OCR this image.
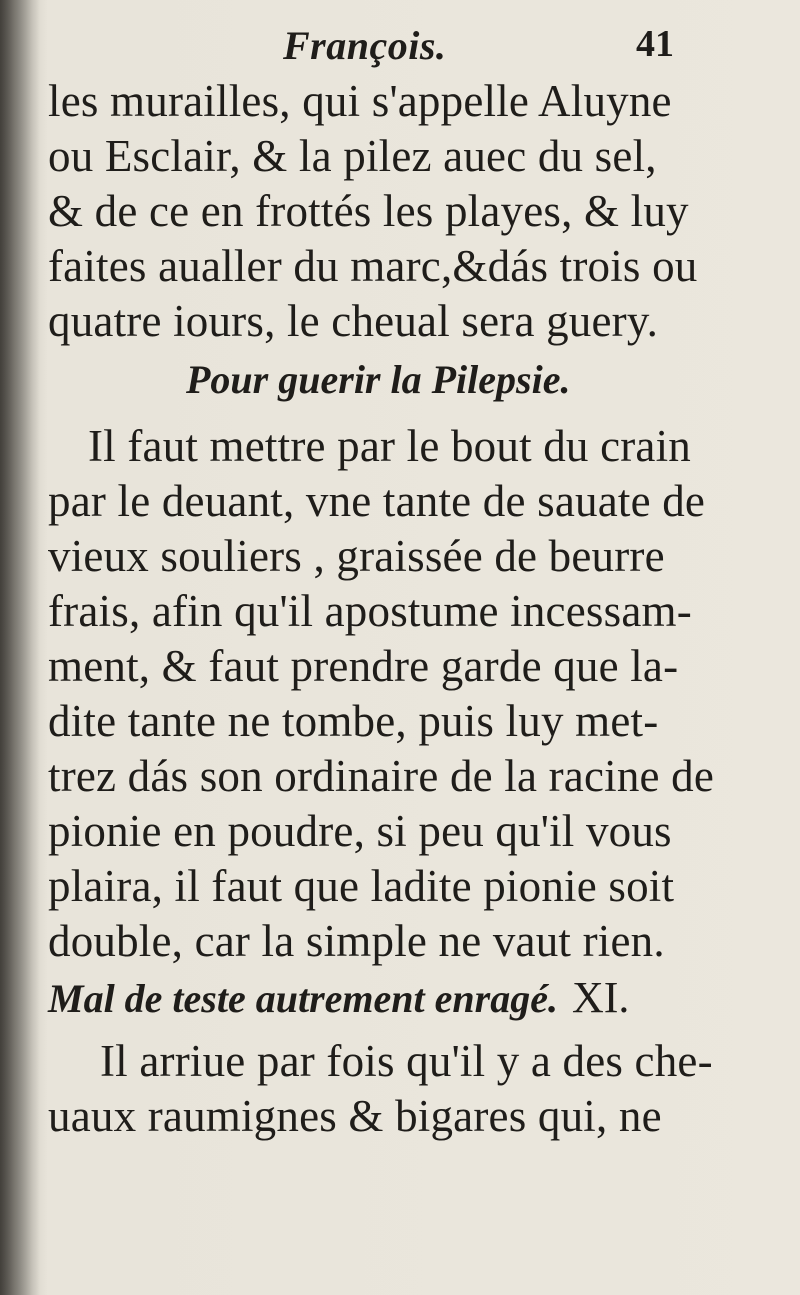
François.	41
les murailles, qui s'appelle Aluyne
ou Esclair, & la pilez auec du sel,
& de ce en frottés les playes, & luy
faites aualler du marc,&dás trois ou
quatre iours, le cheual sera guery.
Pour guerir la Pilepsie.
Il faut mettre par le bout du crain
par le deuant, vne tante de sauate de
vieux souliers , graissée de beurre
frais, afin qu'il apostume incessam-
ment, & faut prendre garde que la-
dite tante ne tombe, puis luy met-
trez dás son ordinaire de la racine de
pionie en poudre, si peu qu'il vous
plaira, il faut que ladite pionie soit
double, car la simple ne vaut rien.
Mal de teste autrement enragé. XI.
Il arriue par fois qu'il y a des che-
uaux raumignes & bigares qui, ne
